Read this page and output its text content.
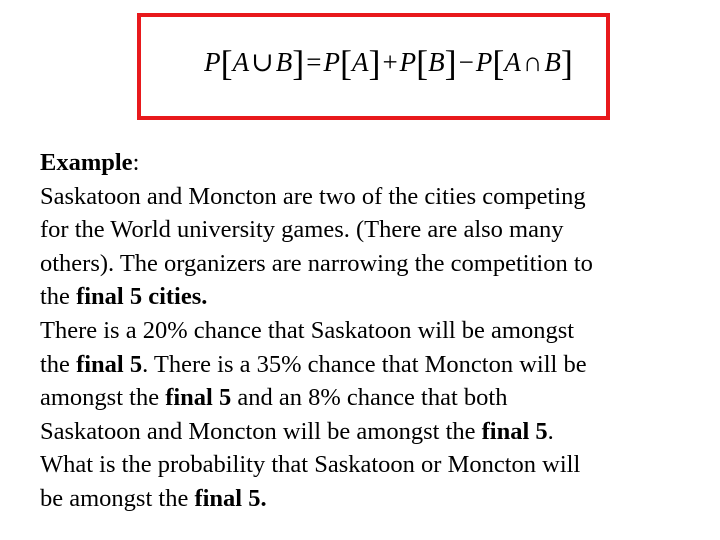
P[A∪B]=P[A]+P[B]−P[A∩B]
Example:
Saskatoon and Moncton are two of the cities competing
for the World university games. (There are also many
others). The organizers are narrowing the competition to
the final 5 cities.
There is a 20% chance that Saskatoon will be amongst
the final 5. There is a 35% chance that Moncton will be
amongst the final 5 and an 8% chance that both
Saskatoon and Moncton will be amongst the final 5.
What is the probability that Saskatoon or Moncton will
be amongst the final 5.
